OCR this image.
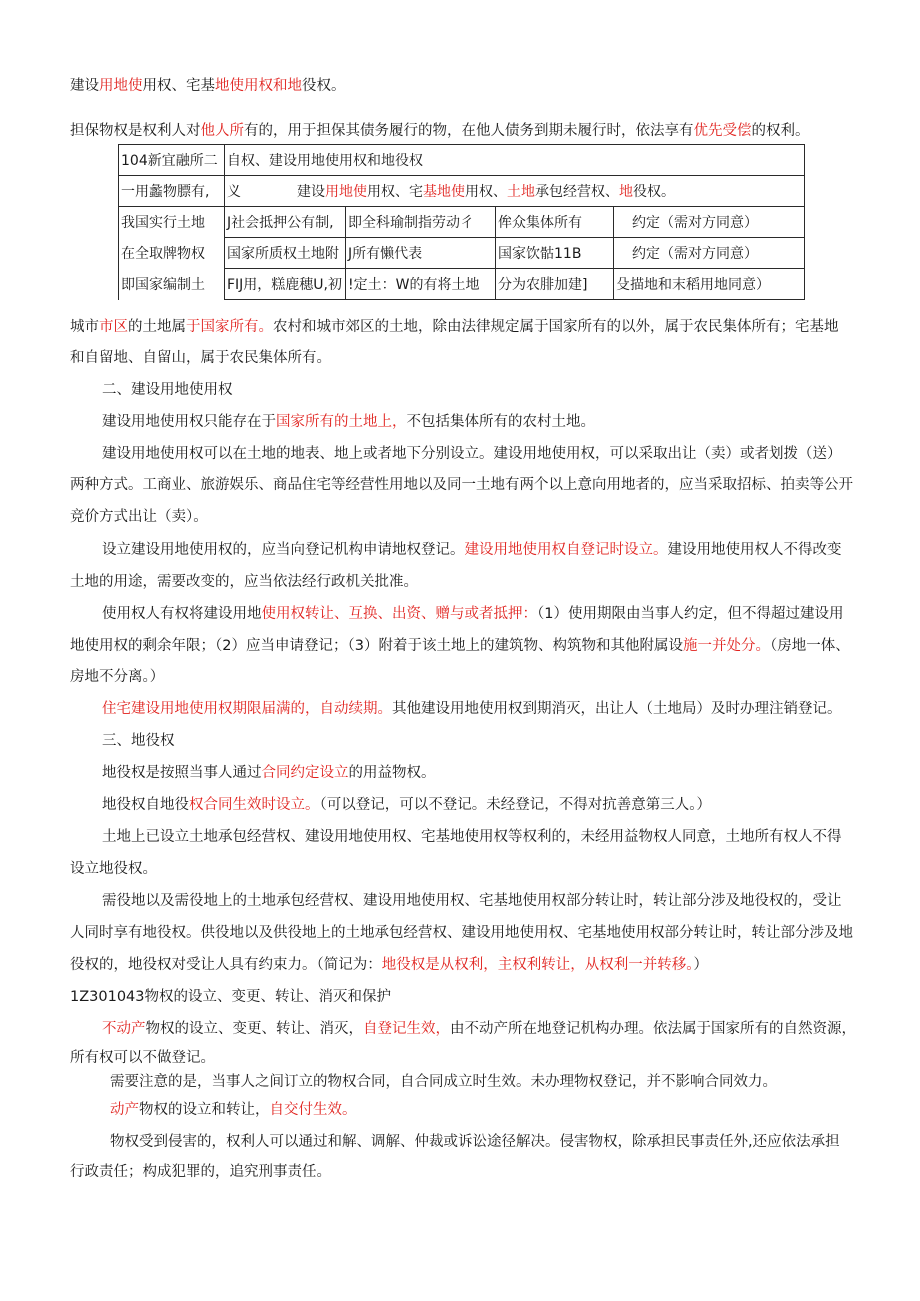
建设用地使用权、宅基地使用权和地役权。
担保物权是权利人对他人所有的，用于担保其债务履行的物，在他人债务到期未履行时，依法享有优先受偿的权利。
104新宜融所二	自权、建设用地使用权和地役权			
一用蠡物膘有,	义 建设用地使用权、宅基地使用权、土地承包经营权、地役权。			
我国实行土地	J社会抵押公有制,	即全科瑜制指劳动彳	侔众集体所有	约定（需对方同意）
在全取牌物权	国家所质权土地附	J所有懒代表	国家饮骷11B	约定（需对方同意）
即国家编制土	FIJ用，糕鹿穗U,初	!定土：W的有将土地	分为农腓加建]	殳描地和末稻用地同意）
城市市区的土地属于国家所有。农村和城市郊区的土地，除由法律规定属于国家所有的以外，属于农民集体所有；宅基地
和自留地、自留山，属于农民集体所有。
二、建设用地使用权
建设用地使用权只能存在于国家所有的土地上，不包括集体所有的农村土地。
建设用地使用权可以在土地的地表、地上或者地下分别设立。建设用地使用权，可以采取出让（卖）或者划拨（送）
两种方式。工商业、旅游娱乐、商品住宅等经营性用地以及同一土地有两个以上意向用地者的，应当采取招标、拍卖等公开
竞价方式出让（卖）。
设立建设用地使用权的，应当向登记机构申请地权登记。建设用地使用权自登记时设立。建设用地使用权人不得改变
土地的用途，需要改变的，应当依法经行政机关批准。
使用权人有权将建设用地使用权转让、互换、出资、赠与或者抵押：（1）使用期限由当事人约定，但不得超过建设用
地使用权的剩余年限；（2）应当申请登记；（3）附着于该土地上的建筑物、构筑物和其他附属设施一并处分。（房地一体、
房地不分离。）
住宅建设用地使用权期限届满的，自动续期。其他建设用地使用权到期消灭，出让人（土地局）及时办理注销登记。
三、地役权
地役权是按照当事人通过合同约定设立的用益物权。
地役权自地役权合同生效时设立。（可以登记，可以不登记。未经登记，不得对抗善意第三人。）
土地上已设立土地承包经营权、建设用地使用权、宅基地使用权等权利的，未经用益物权人同意，土地所有权人不得
设立地役权。
需役地以及需役地上的土地承包经营权、建设用地使用权、宅基地使用权部分转让时，转让部分涉及地役权的，受让
人同时享有地役权。供役地以及供役地上的土地承包经营权、建设用地使用权、宅基地使用权部分转让时，转让部分涉及地
役权的，地役权对受让人具有约束力。（简记为：地役权是从权利，主权利转让，从权利一并转移。）
1Z301043物权的设立、变更、转让、消灭和保护
不动产物权的设立、变更、转让、消灭，自登记生效，由不动产所在地登记机构办理。依法属于国家所有的自然资源，
所有权可以不做登记。
需要注意的是，当事人之间订立的物权合同，自合同成立时生效。未办理物权登记，并不影响合同效力。
动产物权的设立和转让，自交付生效。
物权受到侵害的，权利人可以通过和解、调解、仲裁或诉讼途径解决。侵害物权，除承担民事责任外,还应依法承担
行政责任；构成犯罪的，追究刑事责任。
